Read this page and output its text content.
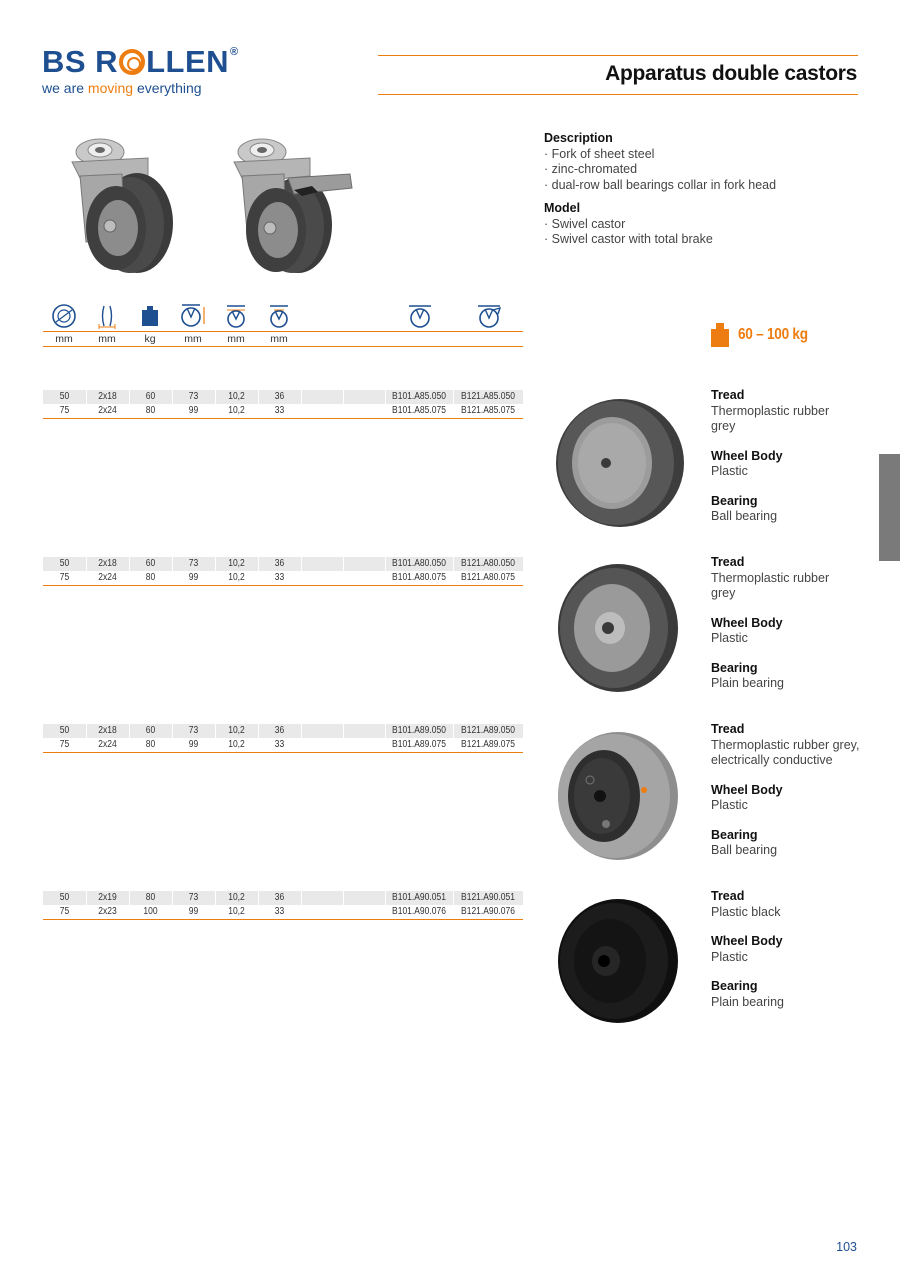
BS R LLEN®
we are moving everything
Apparatus double castors
Description
· Fork of sheet steel
· zinc-chromated
· dual-row ball bearings collar in fork head
Model
· Swivel castor
· Swivel castor with total brake
mm	mm	kg	mm	mm	mm	60 – 100 kg
50	2x18	60	73	10,2	36	B101.A85.050 B121.A85.050
75	2x24	80	99	10,2	33	B101.A85.075 B121.A85.075
50	2x18	60	73	10,2	36	B101.A80.050 B121.A80.050
75	2x24	80	99	10,2	33	B101.A80.075 B121.A80.075
50	2x18	60	73	10,2	36	B101.A89.050 B121.A89.050
75	2x24	80	99	10,2	33	B101.A89.075 B121.A89.075
50	2x19	80	73	10,2	36	B101.A90.051 B121.A90.051
75	2x23	100	99	10,2	33	B101.A90.076 B121.A90.076
Tread
Thermoplastic rubber grey
Wheel Body
Plastic
Bearing
Ball bearing
Tread
Thermoplastic rubber grey
Wheel Body
Plastic
Bearing
Plain bearing
Tread
Thermoplastic rubber grey, electrically conductive
Wheel Body
Plastic
Bearing
Ball bearing
Tread
Plastic black
Wheel Body
Plastic
Bearing
Plain bearing
103
